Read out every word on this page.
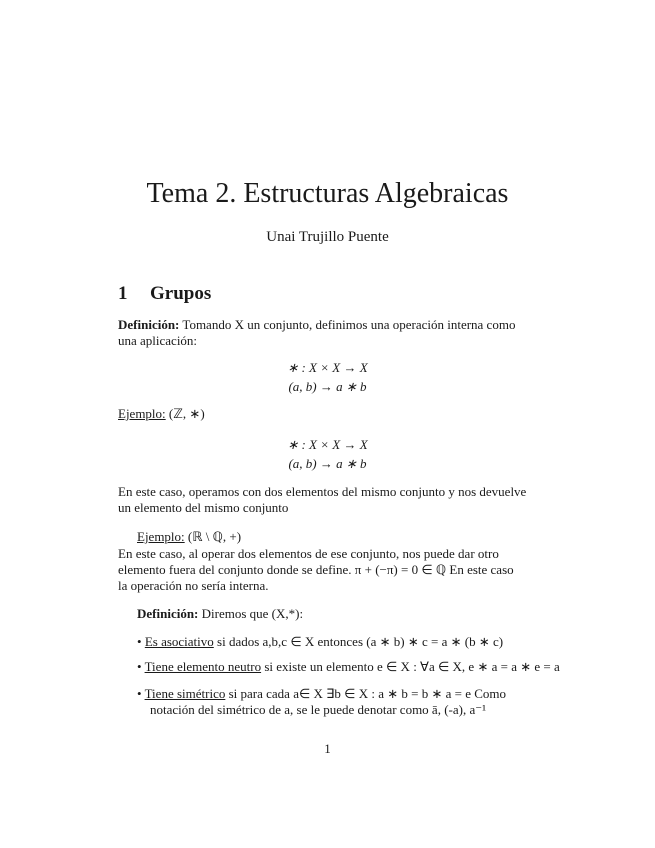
Tema 2. Estructuras Algebraicas
Unai Trujillo Puente
1 Grupos
Definición: Tomando X un conjunto, definimos una operación interna como
una aplicación:
∗ : X × X → X
(a, b) → a ∗ b
Ejemplo: (ℤ, ∗)
∗ : X × X → X
(a, b) → a ∗ b
En este caso, operamos con dos elementos del mismo conjunto y nos devuelve
un elemento del mismo conjunto
Ejemplo: (ℝ \ ℚ, +)
En este caso, al operar dos elementos de ese conjunto, nos puede dar otro
elemento fuera del conjunto donde se define. π + (−π) = 0 ∈ ℚ En este caso
la operación no sería interna.
Definición: Diremos que (X,*):
• Es asociativo si dados a,b,c ∈ X entonces (a ∗ b) ∗ c = a ∗ (b ∗ c)
• Tiene elemento neutro si existe un elemento e ∈ X : ∀a ∈ X, e ∗ a = a ∗ e = a
• Tiene simétrico si para cada a∈ X ∃b ∈ X : a ∗ b = b ∗ a = e Como
notación del simétrico de a, se le puede denotar como ā, (-a), a⁻¹
1
